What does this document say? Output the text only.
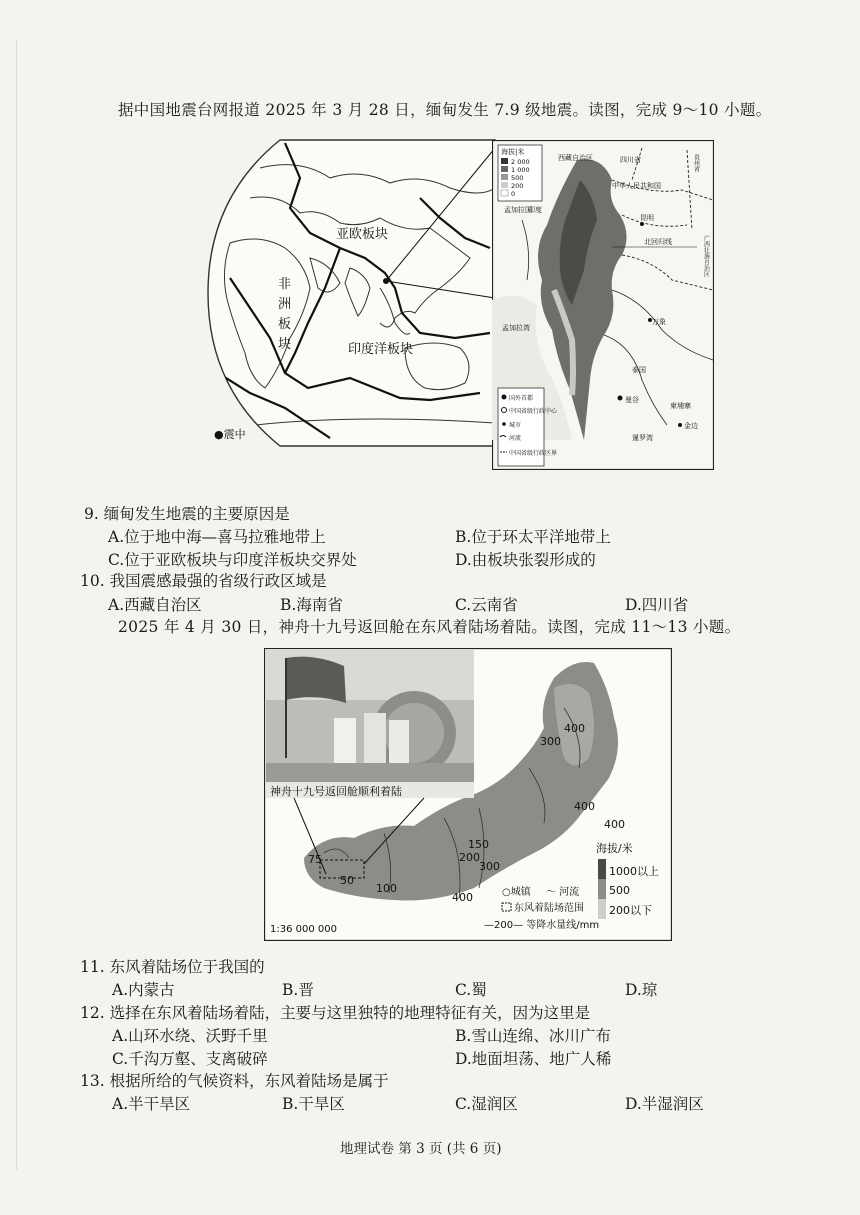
据中国地震台网报道 2025 年 3 月 28 日，缅甸发生 7.9 级地震。读图，完成 9～10 小题。
亚欧板块
非
洲
板
块	印度洋板块
●震中
海拔|米
2 000
1 000
500
200
0
西藏自治区	四川省
中华人民共和国
孟加拉国
印度
昆明
贵州省
广西壮族自治区
北回归线
万象
孟加拉湾
泰国
曼谷
柬埔寨
金边
暹罗湾
国外首都
中国省级行政中心
城市
河流
中国省级行政区界
9. 缅甸发生地震的主要原因是
A.位于地中海—喜马拉雅地带上	B.位于环太平洋地带上
C.位于亚欧板块与印度洋板块交界处	D.由板块张裂形成的
10. 我国震感最强的省级行政区域是
A.西藏自治区	B.海南省	C.云南省	D.四川省
2025 年 4 月 30 日，神舟十九号返回舱在东风着陆场着陆。读图，完成 11～13 小题。
神舟十九号返回舱顺利着陆
300
400
400
400
150
200
300
400
100
50
75
海拔/米
1000以上
500
200以下
○城镇 ～ 河流
东风着陆场范围
—200— 等降水量线/mm
1:36 000 000
11. 东风着陆场位于我国的
A.内蒙古	B.晋	C.蜀	D.琼
12. 选择在东风着陆场着陆，主要与这里独特的地理特征有关，因为这里是
A.山环水绕、沃野千里	B.雪山连绵、冰川广布
C.千沟万壑、支离破碎	D.地面坦荡、地广人稀
13. 根据所给的气候资料，东风着陆场是属于
A.半干旱区	B.干旱区	C.湿润区	D.半湿润区
地理试卷 第 3 页 (共 6 页)
